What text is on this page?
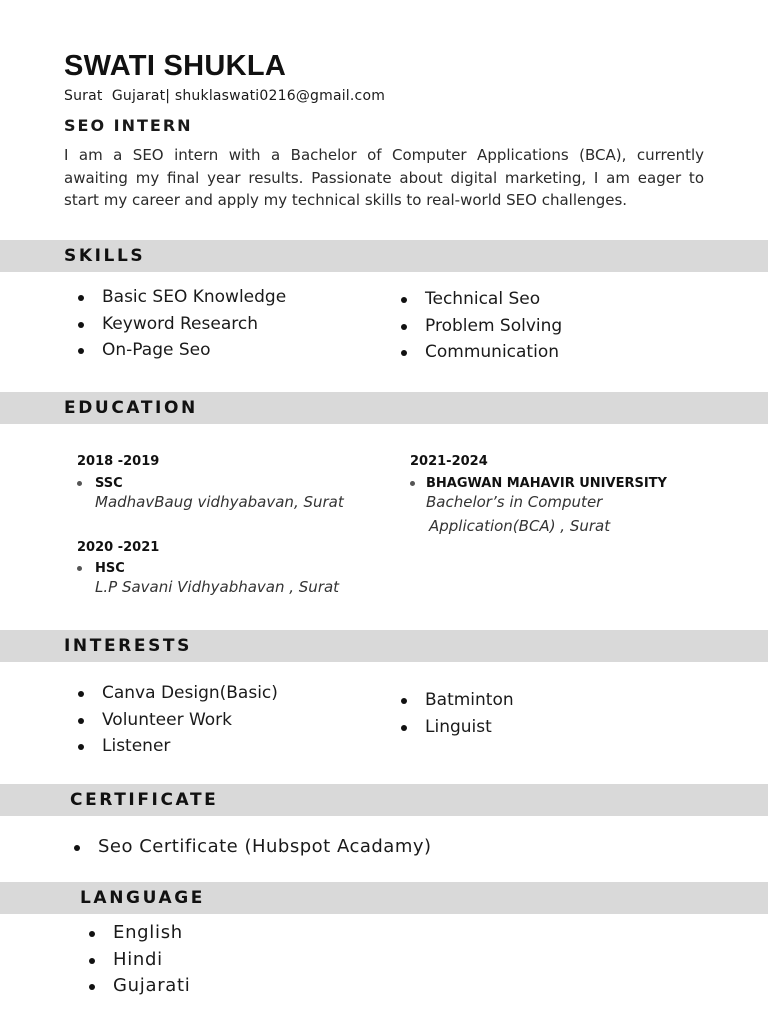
SWATI SHUKLA
Surat  Gujarat| shuklaswati0216@gmail.com
SEO INTERN
I am a SEO intern with a Bachelor of Computer Applications (BCA), currently awaiting my final year results. Passionate about digital marketing, I am eager to start my career and apply my technical skills to real-world SEO challenges.
SKILLS
Basic SEO Knowledge
Keyword Research
On-Page Seo
Technical Seo
Problem Solving
Communication
EDUCATION
2018 -2019
SSC
MadhavBaug vidhyabavan, Surat
2020 -2021
HSC
L.P Savani Vidhyabhavan , Surat
2021-2024
BHAGWAN MAHAVIR UNIVERSITY
Bachelor’s in Computer
Application(BCA) , Surat
INTERESTS
Canva Design(Basic)
Volunteer Work
Listener
Batminton
Linguist
CERTIFICATE
Seo Certificate (Hubspot Acadamy)
LANGUAGE
English
Hindi
Gujarati
